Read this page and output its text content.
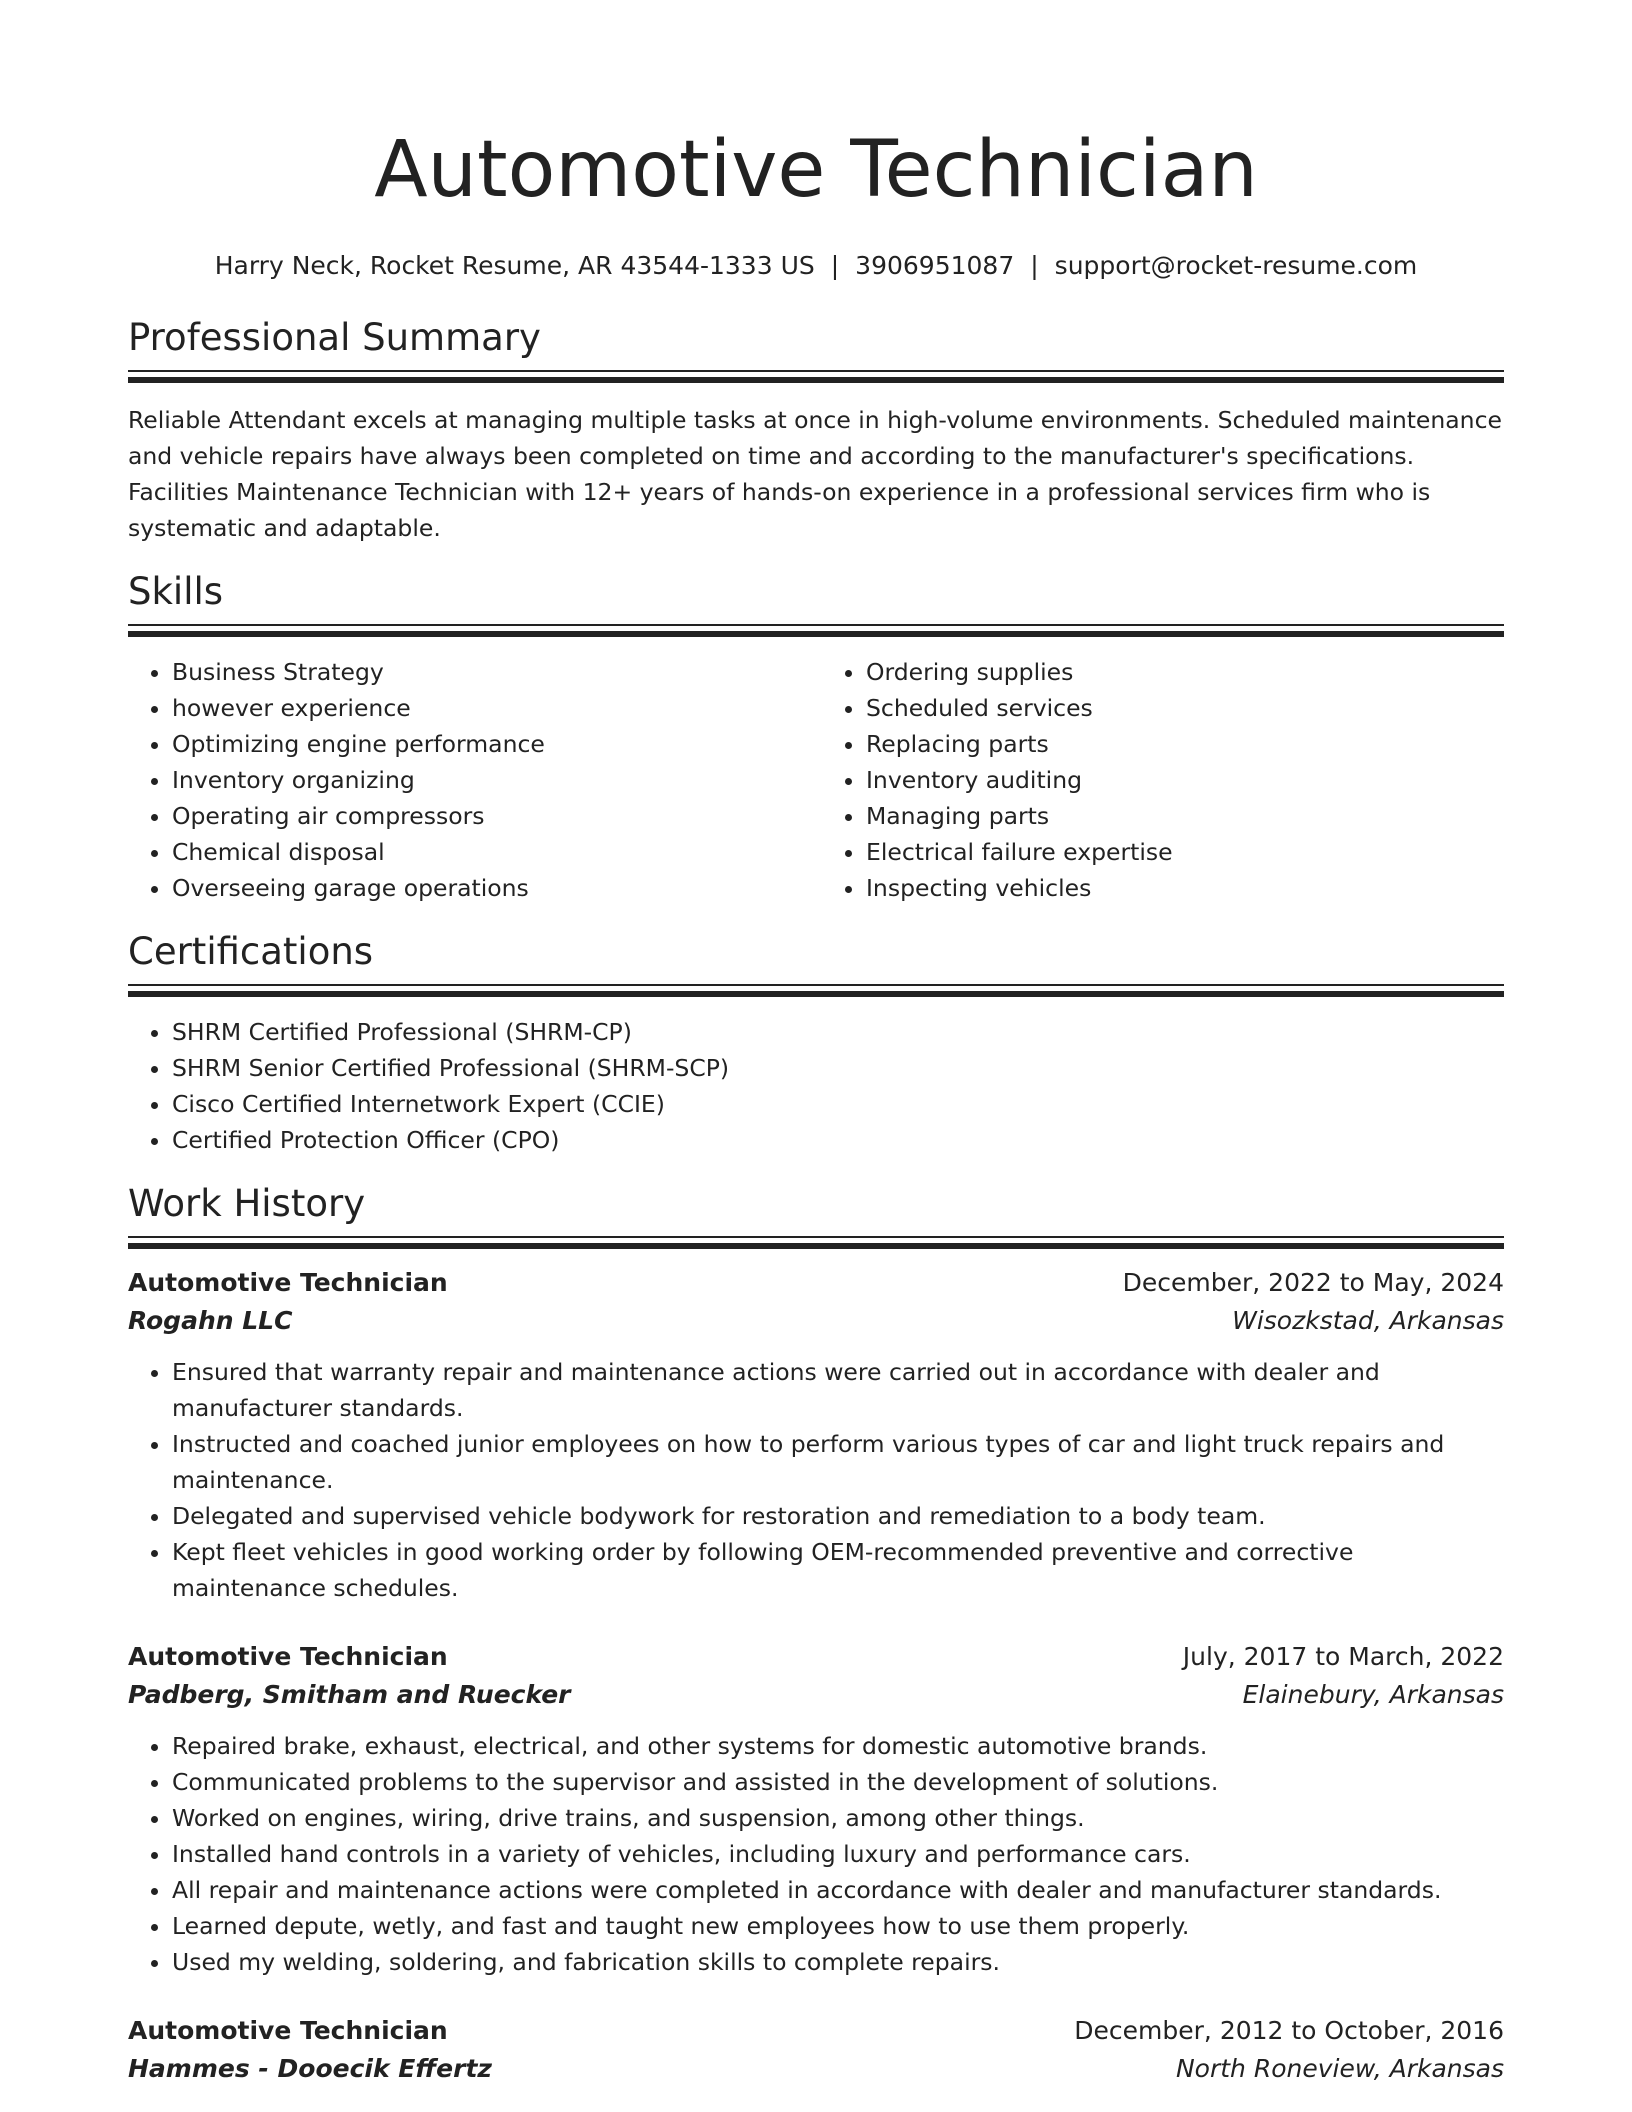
Automotive Technician
Harry Neck, Rocket Resume, AR 43544-1333 US | 3906951087 | support@rocket-resume.com
Professional Summary

Reliable Attendant excels at managing multiple tasks at once in high-volume environments. Scheduled maintenance and vehicle repairs have always been completed on time and according to the manufacturer's specifications. Facilities Maintenance Technician with 12+ years of hands-on experience in a professional services firm who is systematic and adaptable.

Skills
• Business Strategy
• however experience
• Optimizing engine performance
• Inventory organizing
• Operating air compressors
• Chemical disposal
• Overseeing garage operations
• Ordering supplies
• Scheduled services
• Replacing parts
• Inventory auditing
• Managing parts
• Electrical failure expertise
• Inspecting vehicles
Certifications
• SHRM Certified Professional (SHRM-CP)
• SHRM Senior Certified Professional (SHRM-SCP)
• Cisco Certified Internetwork Expert (CCIE)
• Certified Protection Officer (CPO)
Work History
Automotive Technician	December, 2022 to May, 2024
Rogahn LLC	Wisozkstad, Arkansas
• Ensured that warranty repair and maintenance actions were carried out in accordance with dealer and manufacturer standards.
• Instructed and coached junior employees on how to perform various types of car and light truck repairs and maintenance.
• Delegated and supervised vehicle bodywork for restoration and remediation to a body team.
• Kept fleet vehicles in good working order by following OEM-recommended preventive and corrective maintenance schedules.
Automotive Technician	July, 2017 to March, 2022
Padberg, Smitham and Ruecker	Elainebury, Arkansas
• Repaired brake, exhaust, electrical, and other systems for domestic automotive brands.
• Communicated problems to the supervisor and assisted in the development of solutions.
• Worked on engines, wiring, drive trains, and suspension, among other things.
• Installed hand controls in a variety of vehicles, including luxury and performance cars.
• All repair and maintenance actions were completed in accordance with dealer and manufacturer standards.
• Learned depute, wetly, and fast and taught new employees how to use them properly.
• Used my welding, soldering, and fabrication skills to complete repairs.
Automotive Technician	December, 2012 to October, 2016
Hammes - Dooecik Effertz	North Roneview, Arkansas
